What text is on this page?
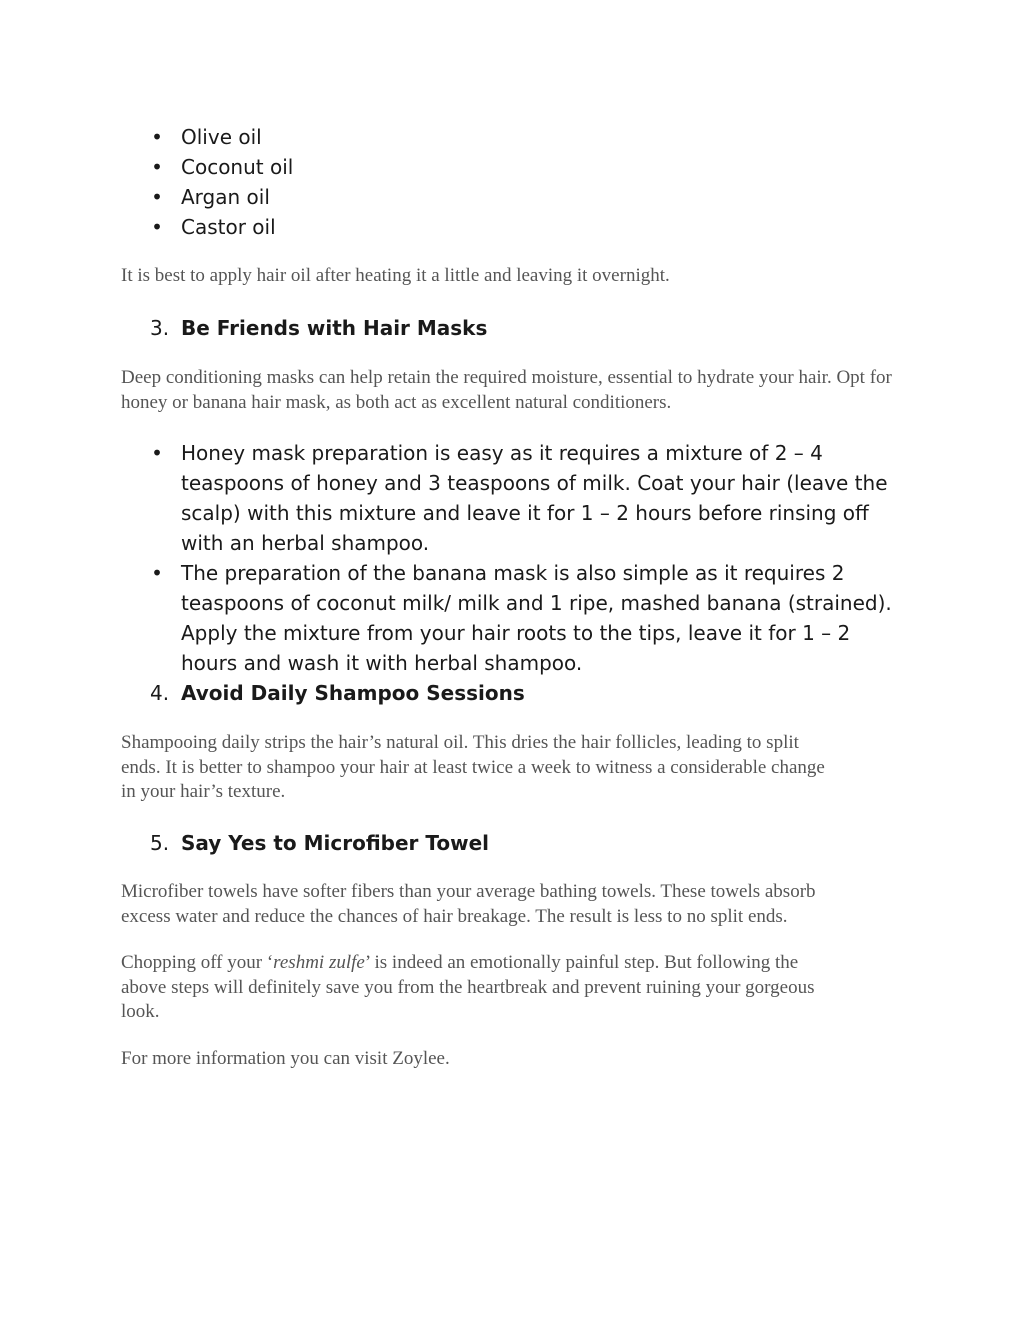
• Olive oil
• Coconut oil
• Argan oil
• Castor oil
It is best to apply hair oil after heating it a little and leaving it overnight.
3. Be Friends with Hair Masks
Deep conditioning masks can help retain the required moisture, essential to hydrate your hair. Opt for honey or banana hair mask, as both act as excellent natural conditioners.
• Honey mask preparation is easy as it requires a mixture of 2 – 4
teaspoons of honey and 3 teaspoons of milk. Coat your hair (leave the
scalp) with this mixture and leave it for 1 – 2 hours before rinsing off
with an herbal shampoo.
• The preparation of the banana mask is also simple as it requires 2
teaspoons of coconut milk/ milk and 1 ripe, mashed banana (strained).
Apply the mixture from your hair roots to the tips, leave it for 1 – 2
hours and wash it with herbal shampoo.
4. Avoid Daily Shampoo Sessions
Shampooing daily strips the hair’s natural oil. This dries the hair follicles, leading to split
ends. It is better to shampoo your hair at least twice a week to witness a considerable change
in your hair’s texture.
5. Say Yes to Microfiber Towel
Microfiber towels have softer fibers than your average bathing towels. These towels absorb
excess water and reduce the chances of hair breakage. The result is less to no split ends.
Chopping off your ‘reshmi zulfe’ is indeed an emotionally painful step. But following the
above steps will definitely save you from the heartbreak and prevent ruining your gorgeous
look.
For more information you can visit Zoylee.
